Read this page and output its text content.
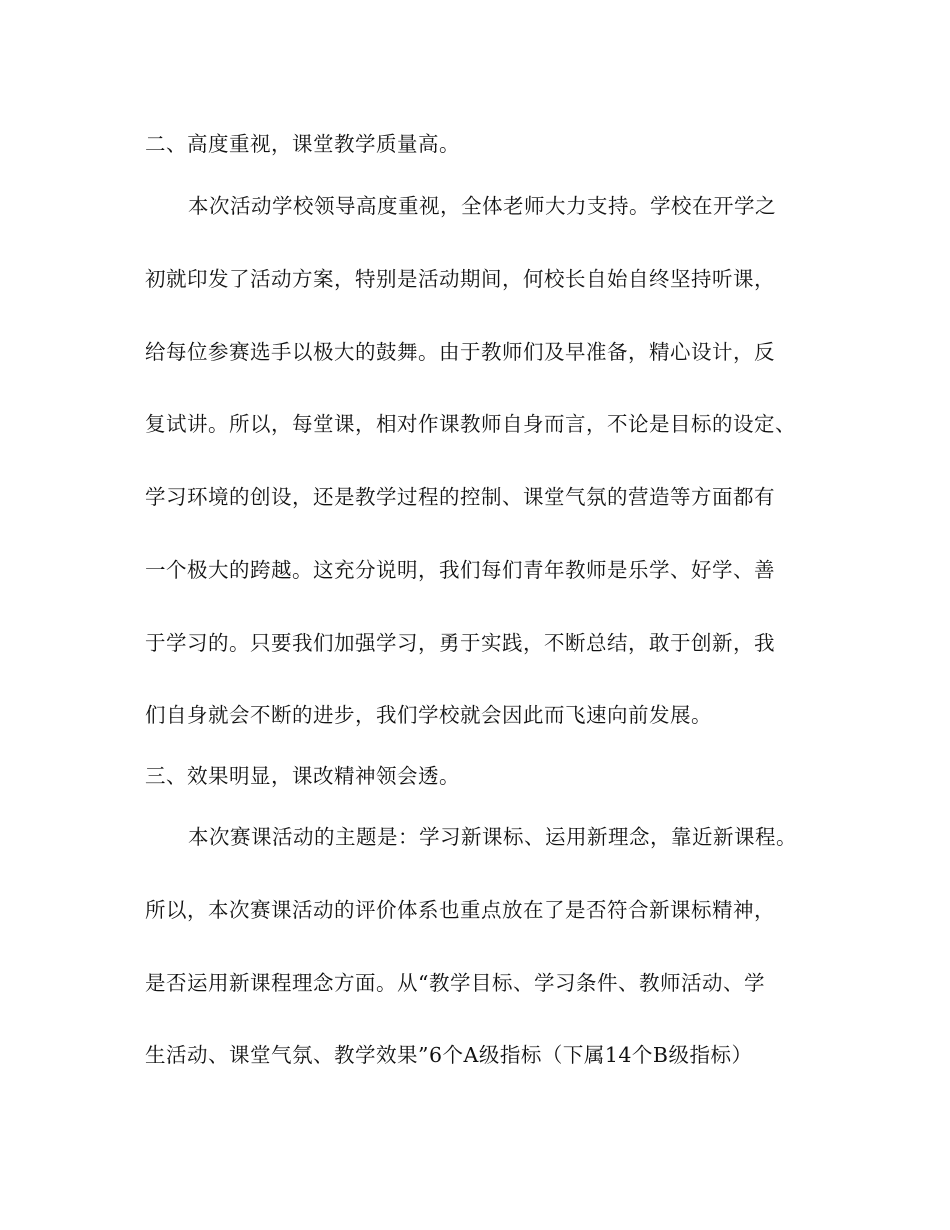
二、高度重视，课堂教学质量高。
本次活动学校领导高度重视，全体老师大力支持。学校在开学之
初就印发了活动方案，特别是活动期间，何校长自始自终坚持听课，
给每位参赛选手以极大的鼓舞。由于教师们及早准备，精心设计，反
复试讲。所以，每堂课，相对作课教师自身而言，不论是目标的设定、
学习环境的创设，还是教学过程的控制、课堂气氛的营造等方面都有
一个极大的跨越。这充分说明，我们每们青年教师是乐学、好学、善
于学习的。只要我们加强学习，勇于实践，不断总结，敢于创新，我
们自身就会不断的进步，我们学校就会因此而飞速向前发展。
三、效果明显，课改精神领会透。
本次赛课活动的主题是：学习新课标、运用新理念，靠近新课程。
所以，本次赛课活动的评价体系也重点放在了是否符合新课标精神，
是否运用新课程理念方面。从“教学目标、学习条件、教师活动、学
生活动、课堂气氛、教学效果”6个A级指标（下属14个B级指标）
